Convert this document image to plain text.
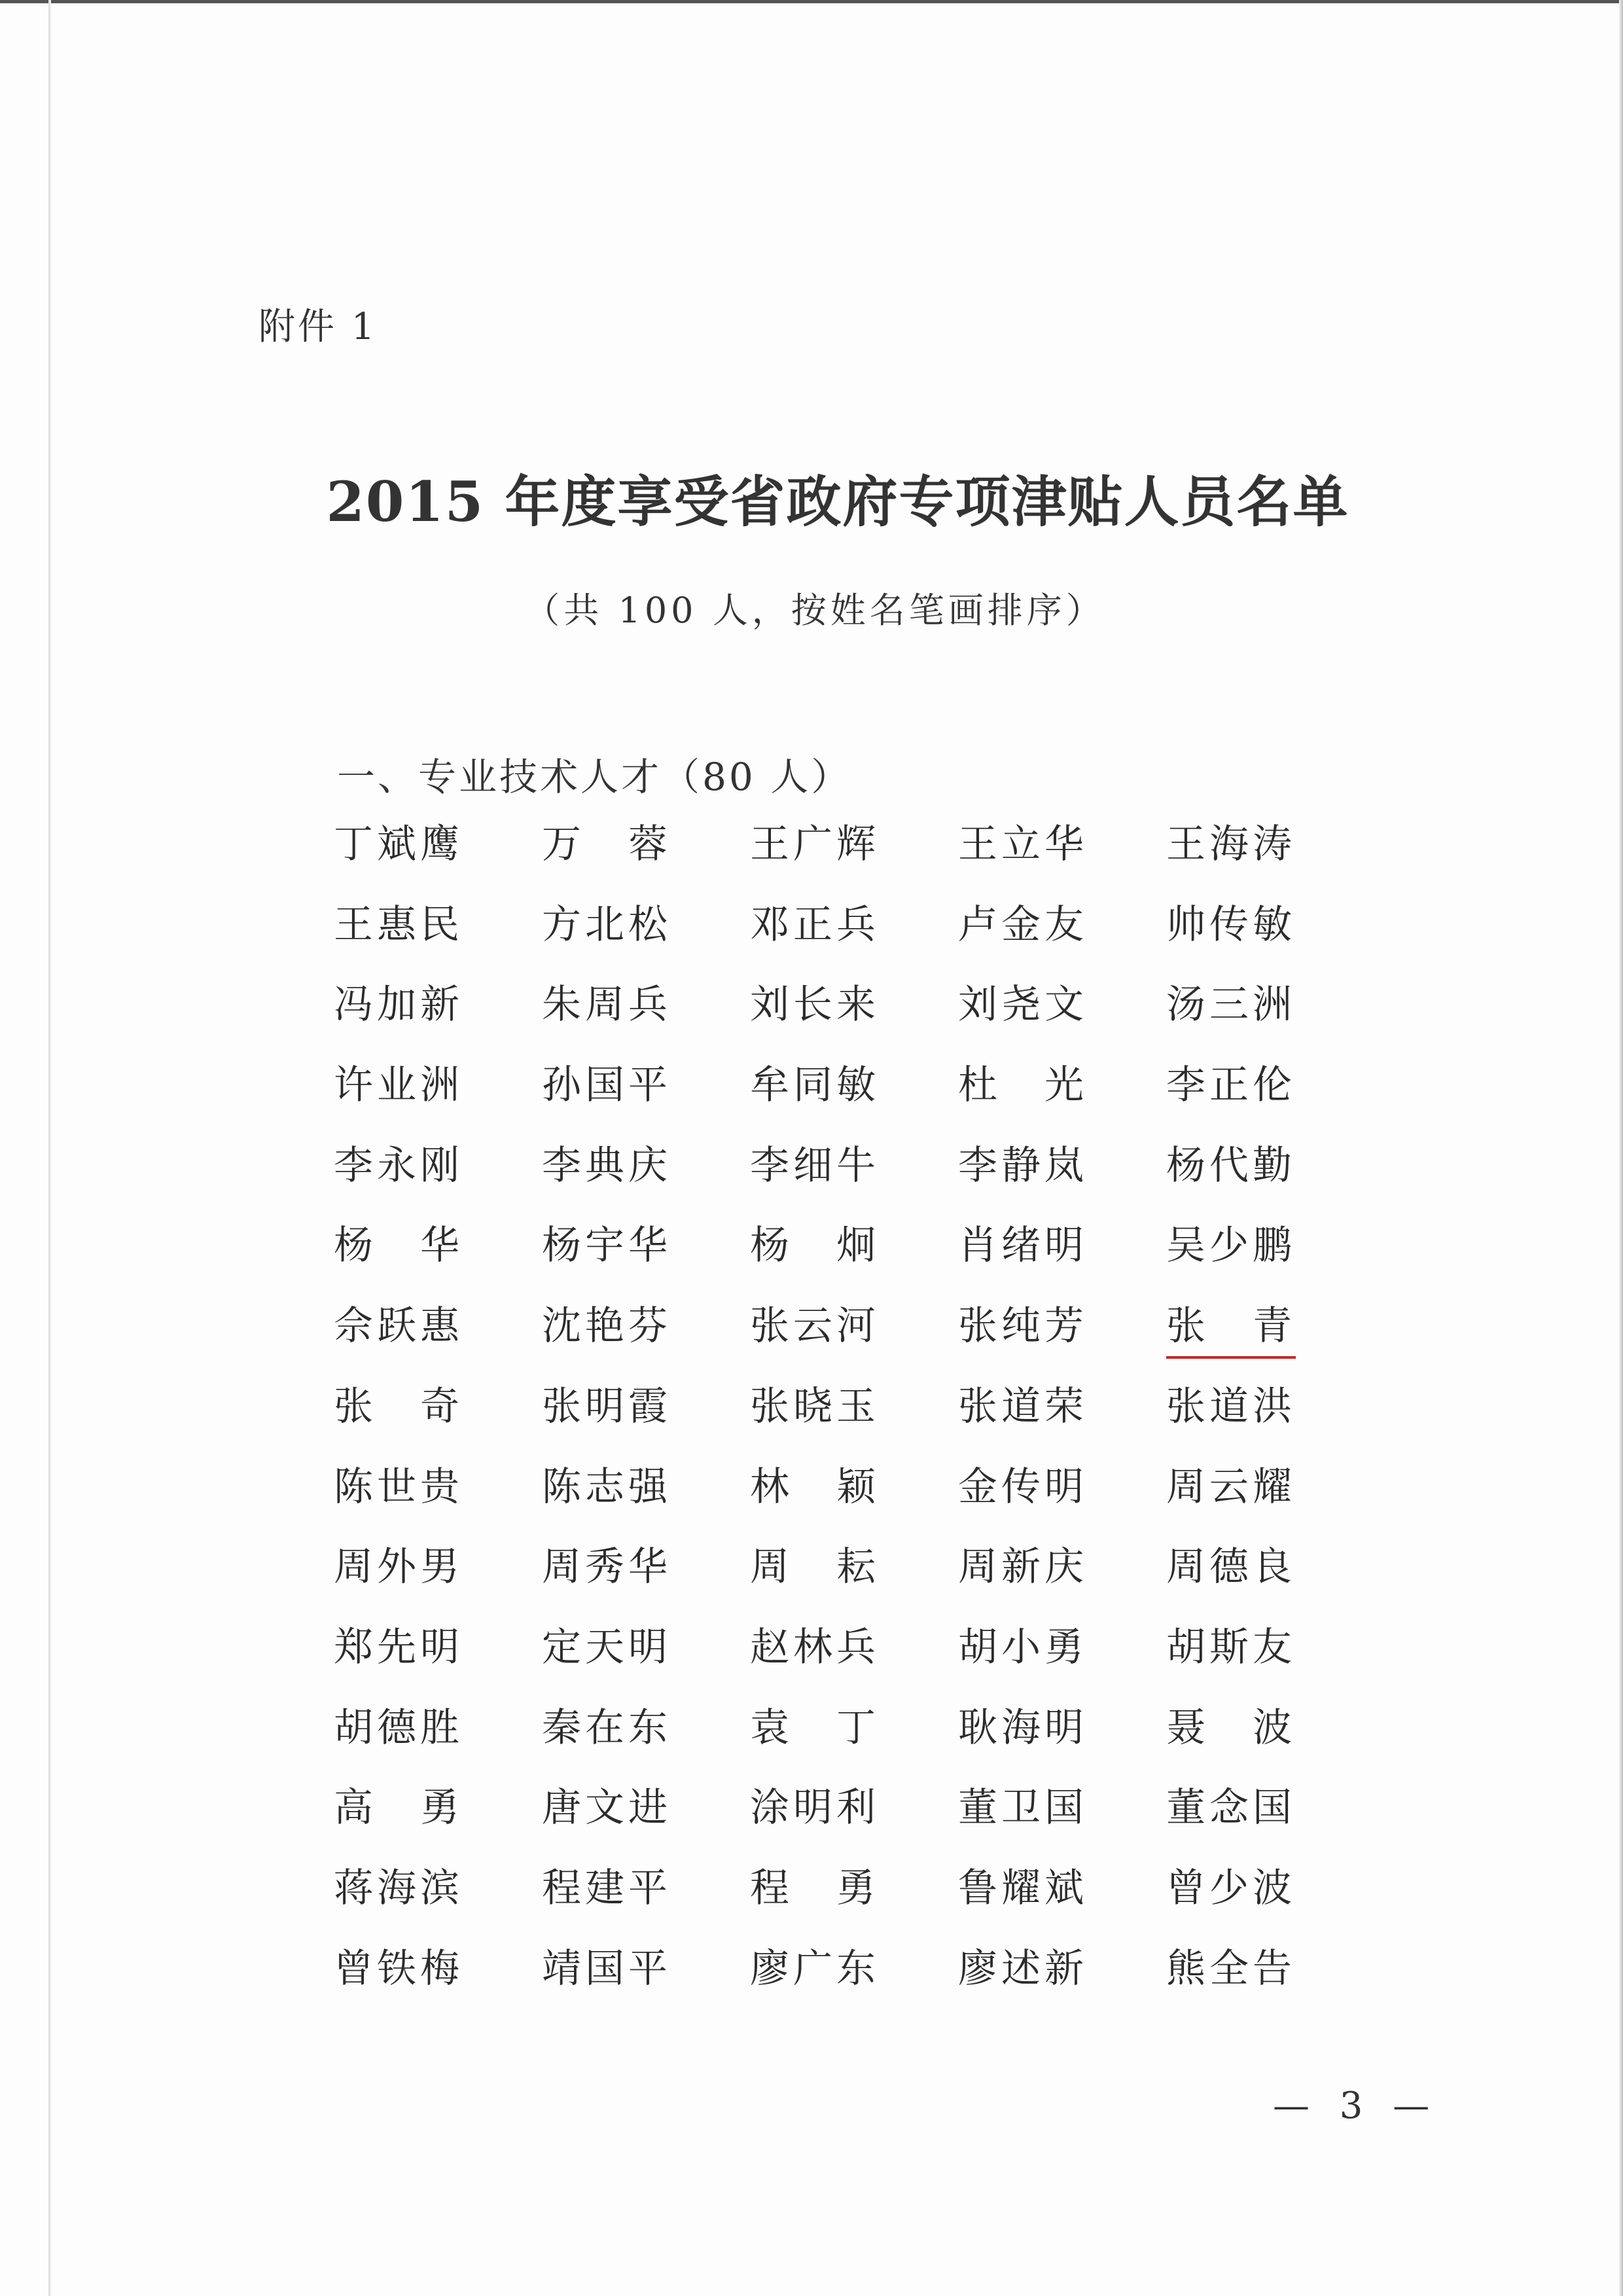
附件 1
2015 年度享受省政府专项津贴人员名单
（共 100 人，按姓名笔画排序）
一、专业技术人才（80 人）
丁斌鹰	万　蓉	王广辉	王立华	王海涛
王惠民	方北松	邓正兵	卢金友	帅传敏
冯加新	朱周兵	刘长来	刘尧文	汤三洲
许业洲	孙国平	牟同敏	杜　光	李正伦
李永刚	李典庆	李细牛	李静岚	杨代勤
杨　华	杨宇华	杨　炯	肖绪明	吴少鹏
佘跃惠	沈艳芬	张云河	张纯芳	张　青
张　奇	张明霞	张晓玉	张道荣	张道洪
陈世贵	陈志强	林　颖	金传明	周云耀
周外男	周秀华	周　耘	周新庆	周德良
郑先明	定天明	赵林兵	胡小勇	胡斯友
胡德胜	秦在东	袁　丁	耿海明	聂　波
高　勇	唐文进	涂明利	董卫国	董念国
蒋海滨	程建平	程　勇	鲁耀斌	曾少波
曾铁梅	靖国平	廖广东	廖述新	熊全告
— 3 —
